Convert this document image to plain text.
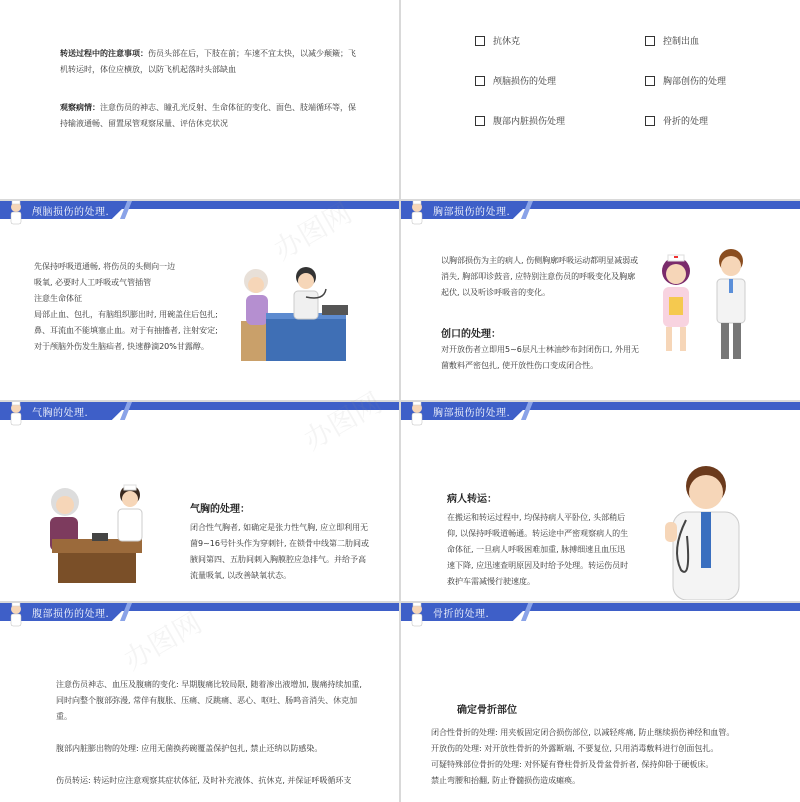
转送过程中的注意事项：伤员头部在后，下肢在前；车速不宜太快，以减少颠簸；飞机转运时，体位应横放，以防飞机起落时头部缺血
观察病情：注意伤员的神志、瞳孔光反射、生命体征的变化、面色、肢端循环等，保持输液通畅、留置尿管观察尿量、评估休克状况
抗休克	控制出血
颅脑损伤的处理	胸部创伤的处理
腹部内脏损伤处理	骨折的处理
颅脑损伤的处理.
先保持呼吸道通畅, 将伤员的头侧向一边
吸氧, 必要时人工呼吸或气管插管
注意生命体征
局部止血、包扎，有脑组织膨出时, 用碗盖住后包扎;
鼻、耳流血不能填塞止血。对于有抽搐者, 注射安定;
对于颅脑外伤发生脑疝者, 快速静滴20%甘露醇。
胸部损伤的处理.
以胸部损伤为主的病人, 伤侧胸廓呼吸运动都明显减弱或消失, 胸部叩诊鼓音, 应特别注意伤员的呼吸变化及胸廓起伏, 以及听诊呼吸音的变化。
创口的处理：
对开放伤者立即用5~6层凡士林油纱布封闭伤口, 外用无菌敷料严密包扎, 使开放性伤口变成闭合性。
气胸的处理.
气胸的处理：
闭合性气胸者, 如确定是张力性气胸, 应立即利用无菌9~16号针头作为穿刺针, 在锁骨中线第二肋间或腋间第四、五肋间刺入胸膜腔应急排气。并给予高流量吸氧, 以改善缺氧状态。
胸部损伤的处理.
病人转运：
在搬运和转运过程中, 均保持病人平卧位, 头部稍后仰, 以保持呼吸道畅通。转运途中严密观察病人的生命体征, 一旦病人呼吸困难加重, 脉搏细速且血压迅速下降, 应迅速查明原因及时给予处理。转运伤员时救护车需减慢行驶速度。
腹部损伤的处理.
注意伤员神志、血压及腹痛的变化: 早期腹痛比较局限, 随着渗出液增加, 腹痛持续加重, 同时向整个腹部弥漫, 常伴有腹胀、压痛、反跳痛、恶心、呕吐、肠鸣音消失、休克加重。
腹部内脏膨出物的处理: 应用无菌换药碗覆盖保护包扎, 禁止还纳以防感染。
伤员转运: 转运时应注意观察其症状体征, 及时补充液体、抗休克, 并保证呼吸循环支
骨折的处理.
确定骨折部位
闭合性骨折的处理: 用夹板固定闭合损伤部位, 以减轻疼痛, 防止继续损伤神经和血管。
开放伤的处理: 对开放性骨折的外露断端, 不要复位, 只用消毒敷料进行创面包扎。
可疑特殊部位骨折的处理: 对怀疑有脊柱骨折及骨盆骨折者, 保持仰卧于硬板床。
禁止弯腰和抬翻, 防止脊髓损伤造成瘫痪。
